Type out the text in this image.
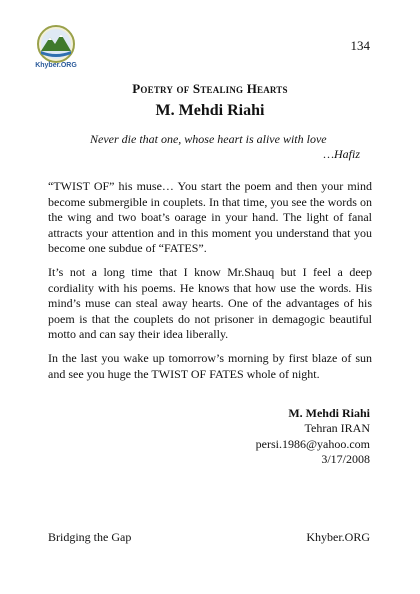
Khyber.ORG
134
Poetry of Stealing Hearts
M. Mehdi Riahi
Never die that one, whose heart is alive with love
…Hafiz

“TWIST OF” his muse… You start the poem and then your mind become submergible in couplets. In that time, you see the words on the wing and two boat’s oarage in your hand. The light of fanal attracts your attention and in this moment you understand that you become one subdue of “FATES”.

It’s not a long time that I know Mr.Shauq but I feel a deep cordiality with his poems. He knows that how use the words. His mind’s muse can steal away hearts. One of the advantages of his poem is that the couplets do not prisoner in demagogic beautiful motto and can say their idea liberally.

In the last you wake up tomorrow’s morning by first blaze of sun and see you huge the TWIST OF FATES whole of night.

M. Mehdi Riahi
Tehran IRAN
persi.1986@yahoo.com
3/17/2008
Bridging the Gap	Khyber.ORG
